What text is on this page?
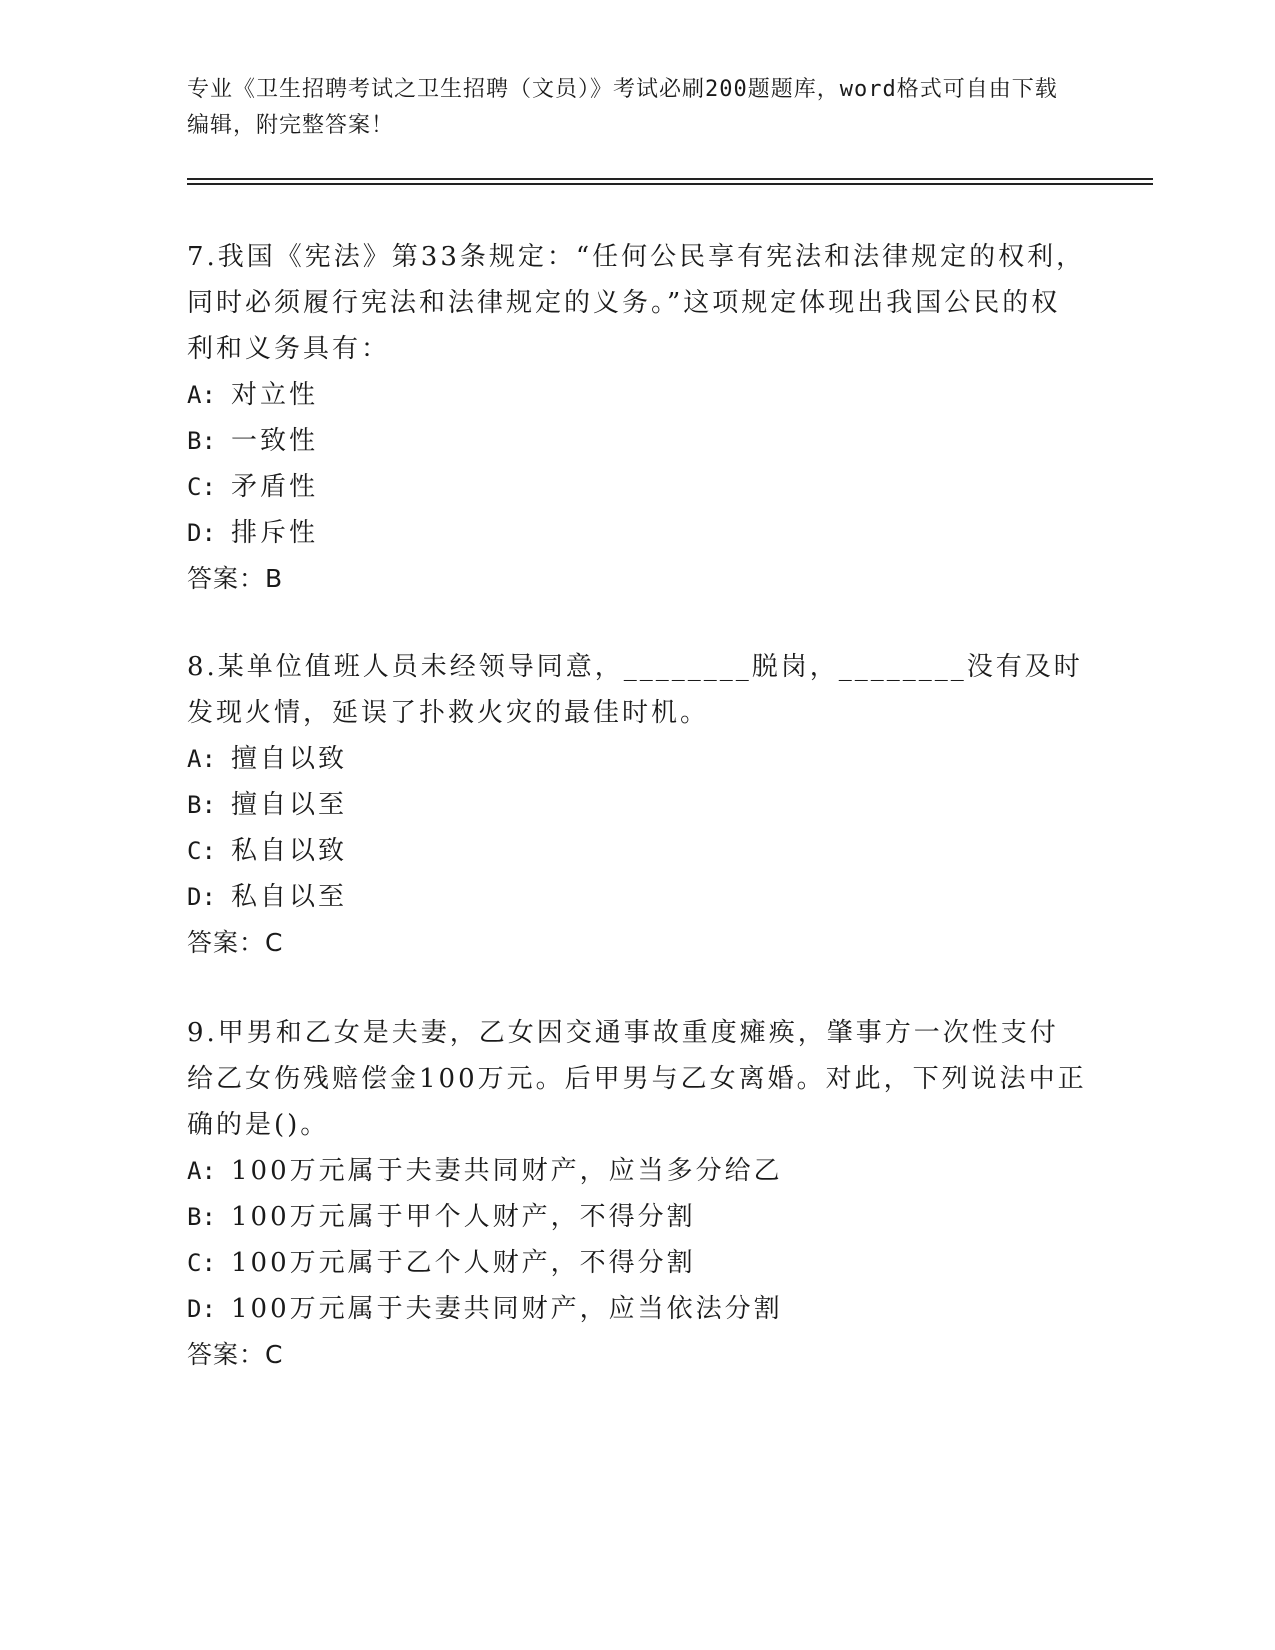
专业《卫生招聘考试之卫生招聘（文员）》考试必刷200题题库，word格式可自由下载编辑，附完整答案！
7.我国《宪法》第33条规定：“任何公民享有宪法和法律规定的权利，同时必须履行宪法和法律规定的义务。”这项规定体现出我国公民的权利和义务具有：
A: 对立性
B: 一致性
C: 矛盾性
D: 排斥性
答案：B
8.某单位值班人员未经领导同意，________脱岗，________没有及时发现火情，延误了扑救火灾的最佳时机。
A: 擅自以致
B: 擅自以至
C: 私自以致
D: 私自以至
答案：C
9.甲男和乙女是夫妻，乙女因交通事故重度瘫痪，肇事方一次性支付给乙女伤残赔偿金100万元。后甲男与乙女离婚。对此，下列说法中正确的是()。
A: 100万元属于夫妻共同财产，应当多分给乙
B: 100万元属于甲个人财产，不得分割
C: 100万元属于乙个人财产，不得分割
D: 100万元属于夫妻共同财产，应当依法分割
答案：C
